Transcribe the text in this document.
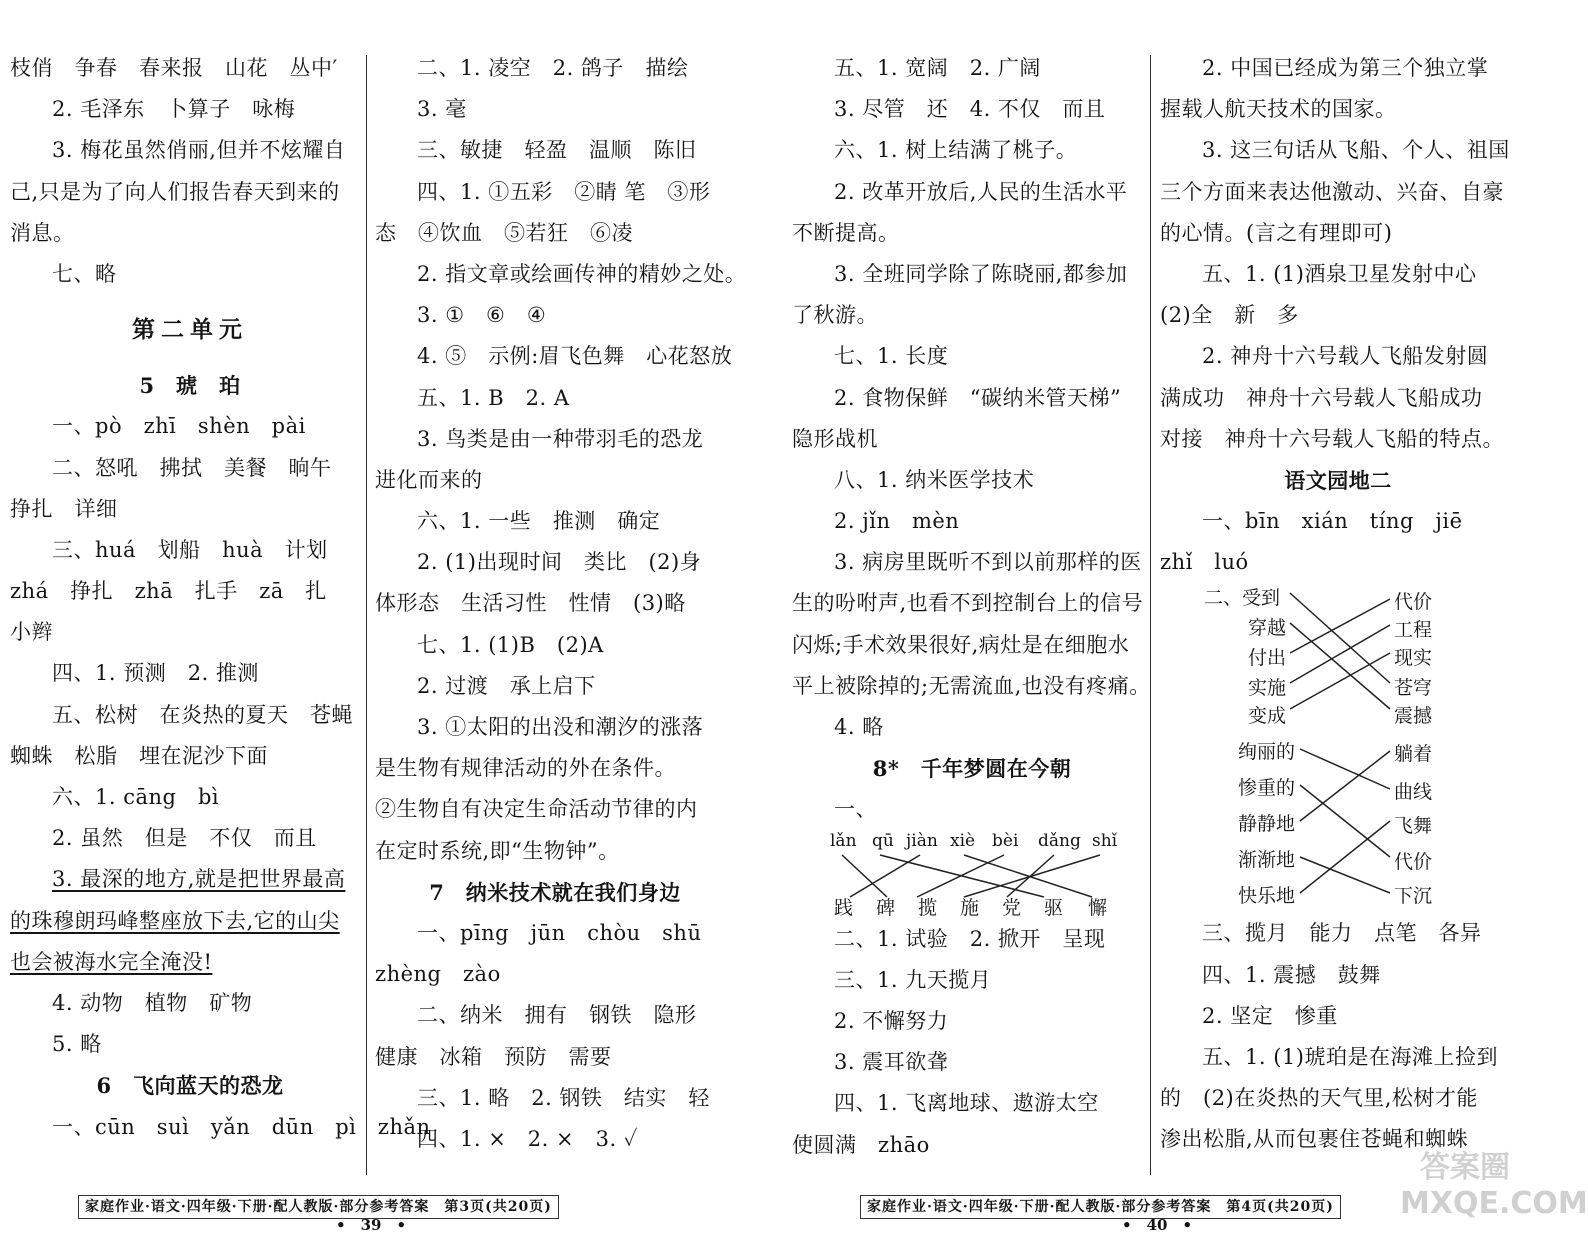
枝俏　争春　春来报　山花　丛中′
2. 毛泽东　卜算子　咏梅
3. 梅花虽然俏丽,但并不炫耀自
己,只是为了向人们报告春天到来的
消息。
七、略
第二单元
5　琥　珀
一、pò　zhī　shèn　pài
二、怒吼　拂拭　美餐　晌午
挣扎　详细
三、huá　划船　huà　计划
zhá　挣扎　zhā　扎手　zā　扎
小辫
四、1. 预测　2. 推测
五、松树　在炎热的夏天　苍蝇
蜘蛛　松脂　埋在泥沙下面
六、1. cāng　bì
2. 虽然　但是　不仅　而且
3. 最深的地方,就是把世界最高
的珠穆朗玛峰整座放下去,它的山尖
也会被海水完全淹没!
4. 动物　植物　矿物
5. 略
6　飞向蓝天的恐龙
一、cūn　suì　yǎn　dūn　pì　zhǎn
二、1. 凌空　2. 鸽子　描绘
3. 毫
三、敏捷　轻盈　温顺　陈旧
四、1. ①五彩　②睛 笔　③形
态　④饮血　⑤若狂　⑥凌
2. 指文章或绘画传神的精妙之处。
3. ①　⑥　④
4. ⑤　示例:眉飞色舞　心花怒放
五、1. B　2. A
3. 鸟类是由一种带羽毛的恐龙
进化而来的
六、1. 一些　推测　确定
2. (1)出现时间　类比　(2)身
体形态　生活习性　性情　(3)略
七、1. (1)B　(2)A
2. 过渡　承上启下
3. ①太阳的出没和潮汐的涨落
是生物有规律活动的外在条件。
②生物自有决定生命活动节律的内
在定时系统,即“生物钟”。
7　纳米技术就在我们身边
一、pīng　jūn　chòu　shū
zhèng　zào
二、纳米　拥有　钢铁　隐形
健康　冰箱　预防　需要
三、1. 略　2. 钢铁　结实　轻
四、1. ×　2. ×　3. ✓
五、1. 宽阔　2. 广阔
3. 尽管　还　4. 不仅　而且
六、1. 树上结满了桃子。
2. 改革开放后,人民的生活水平
不断提高。
3. 全班同学除了陈晓丽,都参加
了秋游。
七、1. 长度
2. 食物保鲜　“碳纳米管天梯”
隐形战机
八、1. 纳米医学技术
2. jǐn　mèn
3. 病房里既听不到以前那样的医
生的吩咐声,也看不到控制台上的信号
闪烁;手术效果很好,病灶是在细胞水
平上被除掉的;无需流血,也没有疼痛。
4. 略
8*　千年梦圆在今朝
一、
lǎn qū jiàn xiè bèi dǎng shǐ
践 碑 揽 施 党 驱 懈
二、1. 试验　2. 掀开　呈现
三、1. 九天揽月
2. 不懈努力
3. 震耳欲聋
四、1. 飞离地球、遨游太空
使圆满　zhāo
2. 中国已经成为第三个独立掌
握载人航天技术的国家。
3. 这三句话从飞船、个人、祖国
三个方面来表达他激动、兴奋、自豪
的心情。(言之有理即可)
五、1. (1)酒泉卫星发射中心
(2)全　新　多
2. 神舟十六号载人飞船发射圆
满成功　神舟十六号载人飞船成功
对接　神舟十六号载人飞船的特点。
语文园地二
一、bīn　xián　tíng　jiē
zhǐ　luó
二、受到
穿越
付出
实施
变成
代价
工程
现实
苍穹
震撼
绚丽的
惨重的
静静地
渐渐地
快乐地
躺着
曲线
飞舞
代价
下沉
三、揽月　能力　点笔　各异
四、1. 震撼　鼓舞
2. 坚定　惨重
五、1. (1)琥珀是在海滩上捡到
的　(2)在炎热的天气里,松树才能
渗出松脂,从而包裹住苍蝇和蜘蛛
家庭作业·语文·四年级·下册·配人教版·部分参考答案　第3页(共20页)
•　39　•
家庭作业·语文·四年级·下册·配人教版·部分参考答案　第4页(共20页)
•　40　•
答案圈 MXQE.COM
